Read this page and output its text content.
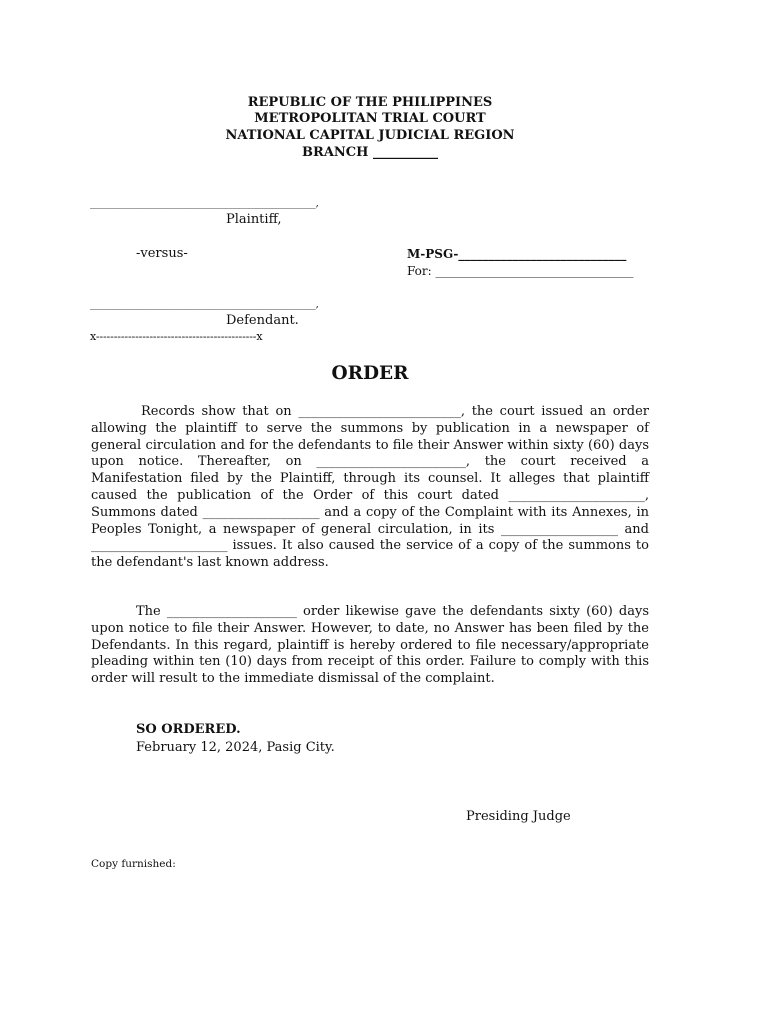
REPUBLIC OF THE PHILIPPINES
METROPOLITAN TRIAL COURT
NATIONAL CAPITAL JUDICIAL REGION
BRANCH __________
_______________________________________________,
Plaintiff,
-versus-	M-PSG-____________________________
For: _________________________________
_______________________________________________,
Defendant.
x---------------------------------------------x
ORDER
Records show that on _________________________, the court issued an order allowing the plaintiff to serve the summons by publication in a newspaper of general circulation and for the defendants to file their Answer within sixty (60) days upon notice. Thereafter, on _______________________, the court received a Manifestation filed by the Plaintiff, through its counsel. It alleges that plaintiff caused the publication of the Order of this court dated _____________________, Summons dated __________________ and a copy of the Complaint with its Annexes, in Peoples Tonight, a newspaper of general circulation, in its __________________ and _____________________ issues. It also caused the service of a copy of the summons to the defendant's last known address.
The ____________________ order likewise gave the defendants sixty (60) days upon notice to file their Answer. However, to date, no Answer has been filed by the Defendants. In this regard, plaintiff is hereby ordered to file necessary/appropriate pleading within ten (10) days from receipt of this order. Failure to comply with this order will result to the immediate dismissal of the complaint.
SO ORDERED.
February 12, 2024, Pasig City.
Presiding Judge
Copy furnished:
